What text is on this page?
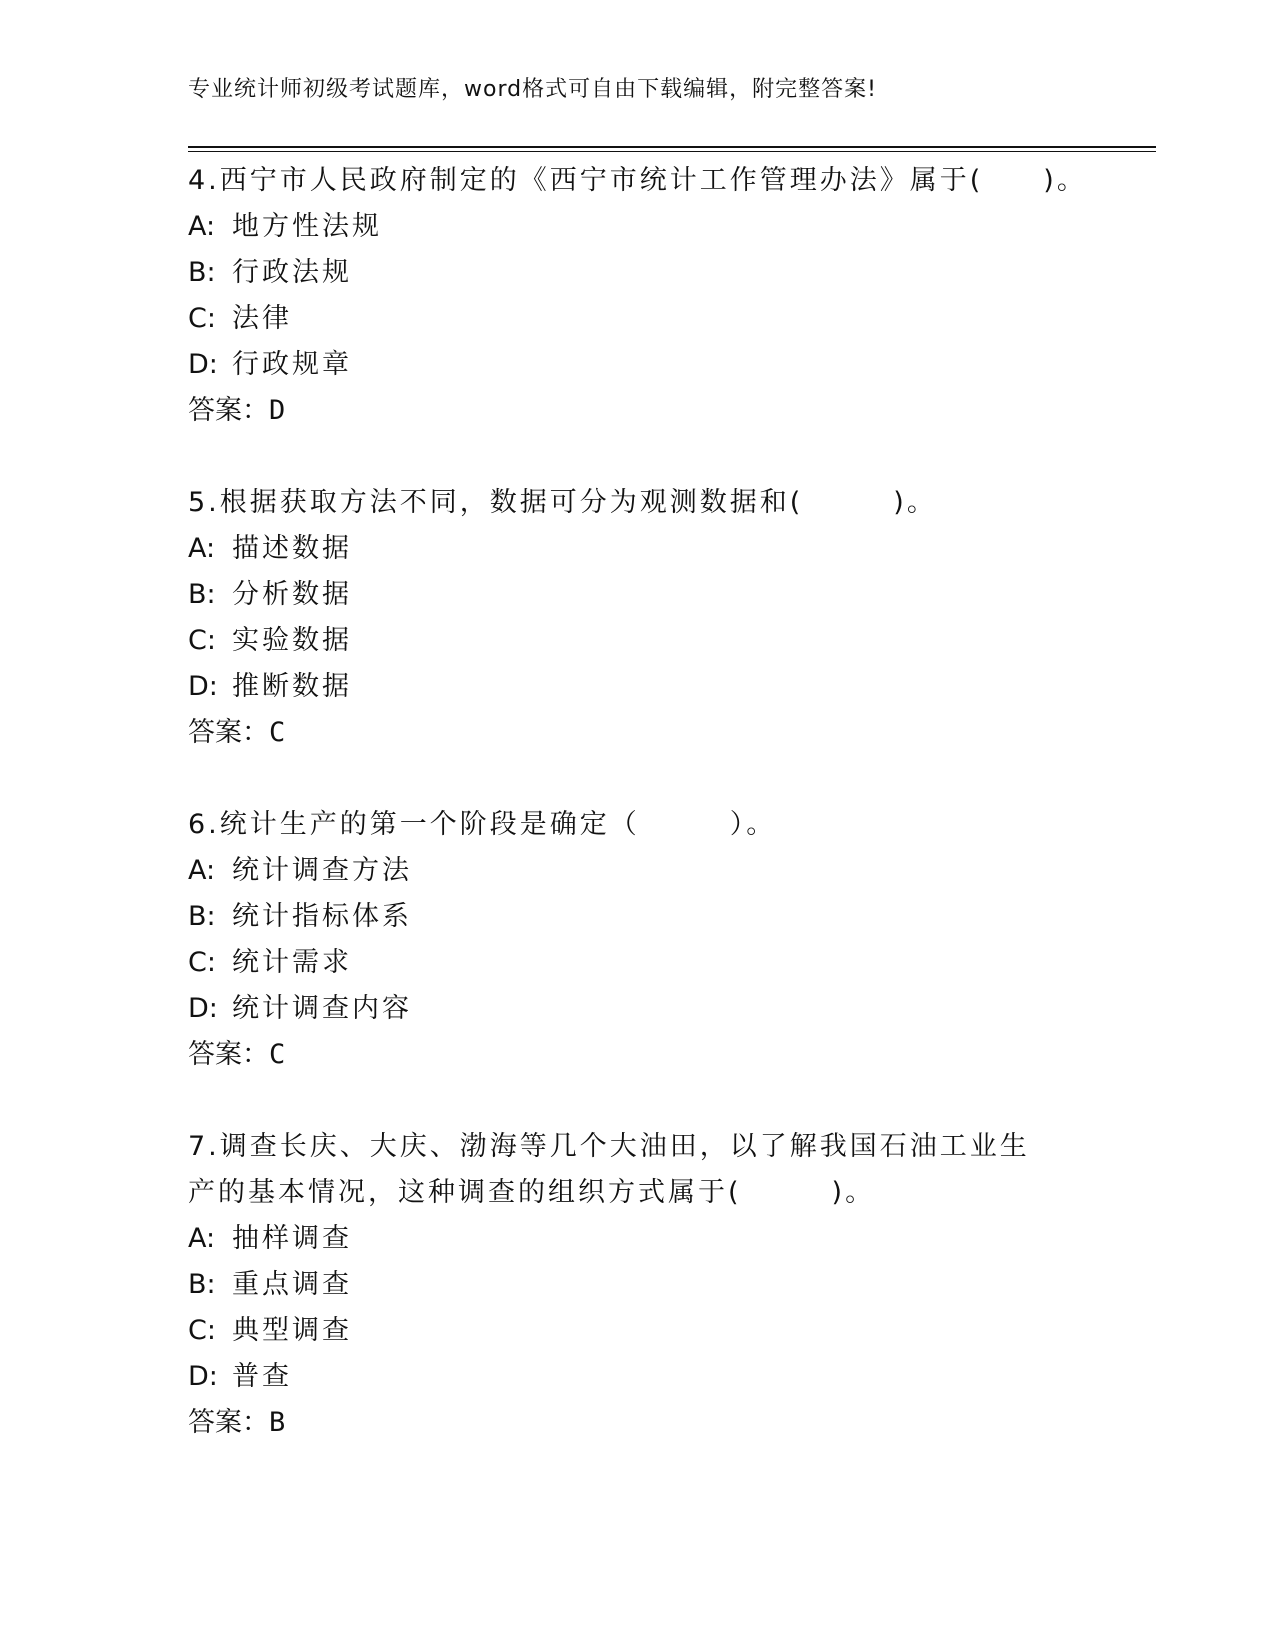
专业统计师初级考试题库，word格式可自由下载编辑，附完整答案!

4.西宁市人民政府制定的《西宁市统计工作管理办法》属于(　　)。

A: 地方性法规

B: 行政法规

C: 法律

D: 行政规章

答案：D

5.根据获取方法不同，数据可分为观测数据和(　　　)。

A: 描述数据

B: 分析数据

C: 实验数据

D: 推断数据

答案：C

6.统计生产的第一个阶段是确定（　　　）。

A: 统计调查方法

B: 统计指标体系

C: 统计需求

D: 统计调查内容

答案：C

7.调查长庆、大庆、渤海等几个大油田，以了解我国石油工业生产的基本情况，这种调查的组织方式属于(　　　)。

A: 抽样调查

B: 重点调查

C: 典型调查

D: 普查

答案：B
